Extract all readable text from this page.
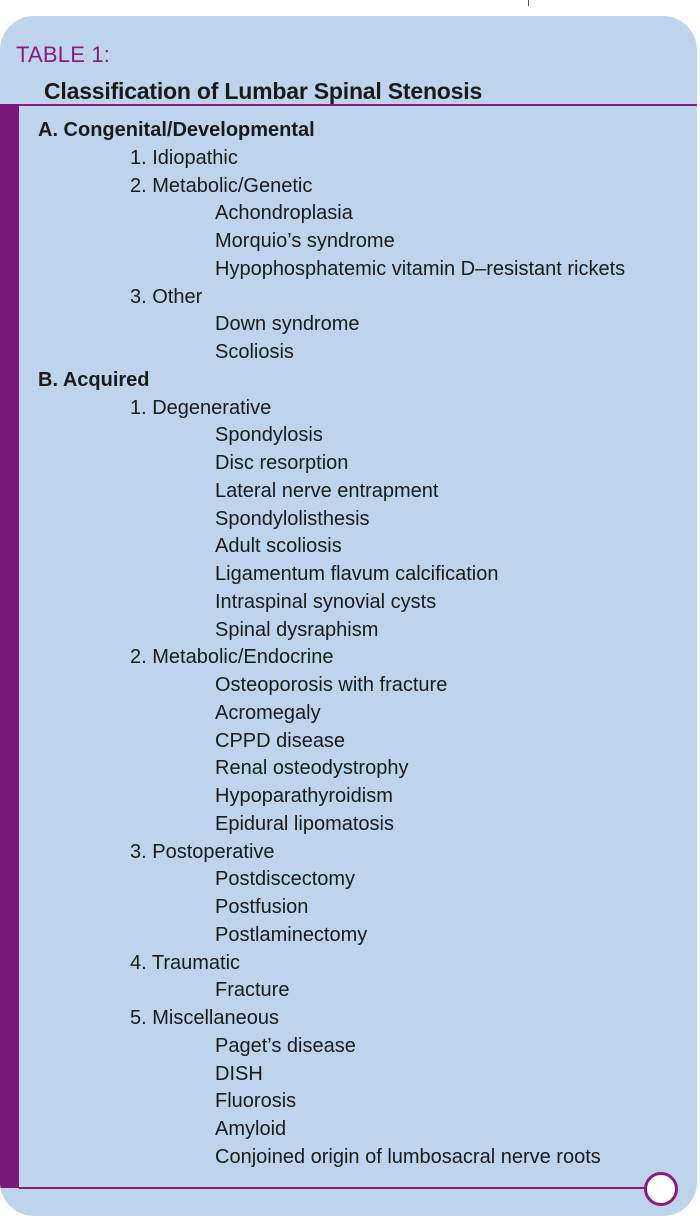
TABLE 1:
Classification of Lumbar Spinal Stenosis
A. Congenital/Developmental
1. Idiopathic
2. Metabolic/Genetic
Achondroplasia
Morquio’s syndrome
Hypophosphatemic vitamin D–resistant rickets
3. Other
Down syndrome
Scoliosis
B. Acquired
1. Degenerative
Spondylosis
Disc resorption
Lateral nerve entrapment
Spondylolisthesis
Adult scoliosis
Ligamentum flavum calcification
Intraspinal synovial cysts
Spinal dysraphism
2. Metabolic/Endocrine
Osteoporosis with fracture
Acromegaly
CPPD disease
Renal osteodystrophy
Hypoparathyroidism
Epidural lipomatosis
3. Postoperative
Postdiscectomy
Postfusion
Postlaminectomy
4. Traumatic
Fracture
5. Miscellaneous
Paget’s disease
DISH
Fluorosis
Amyloid
Conjoined origin of lumbosacral nerve roots
